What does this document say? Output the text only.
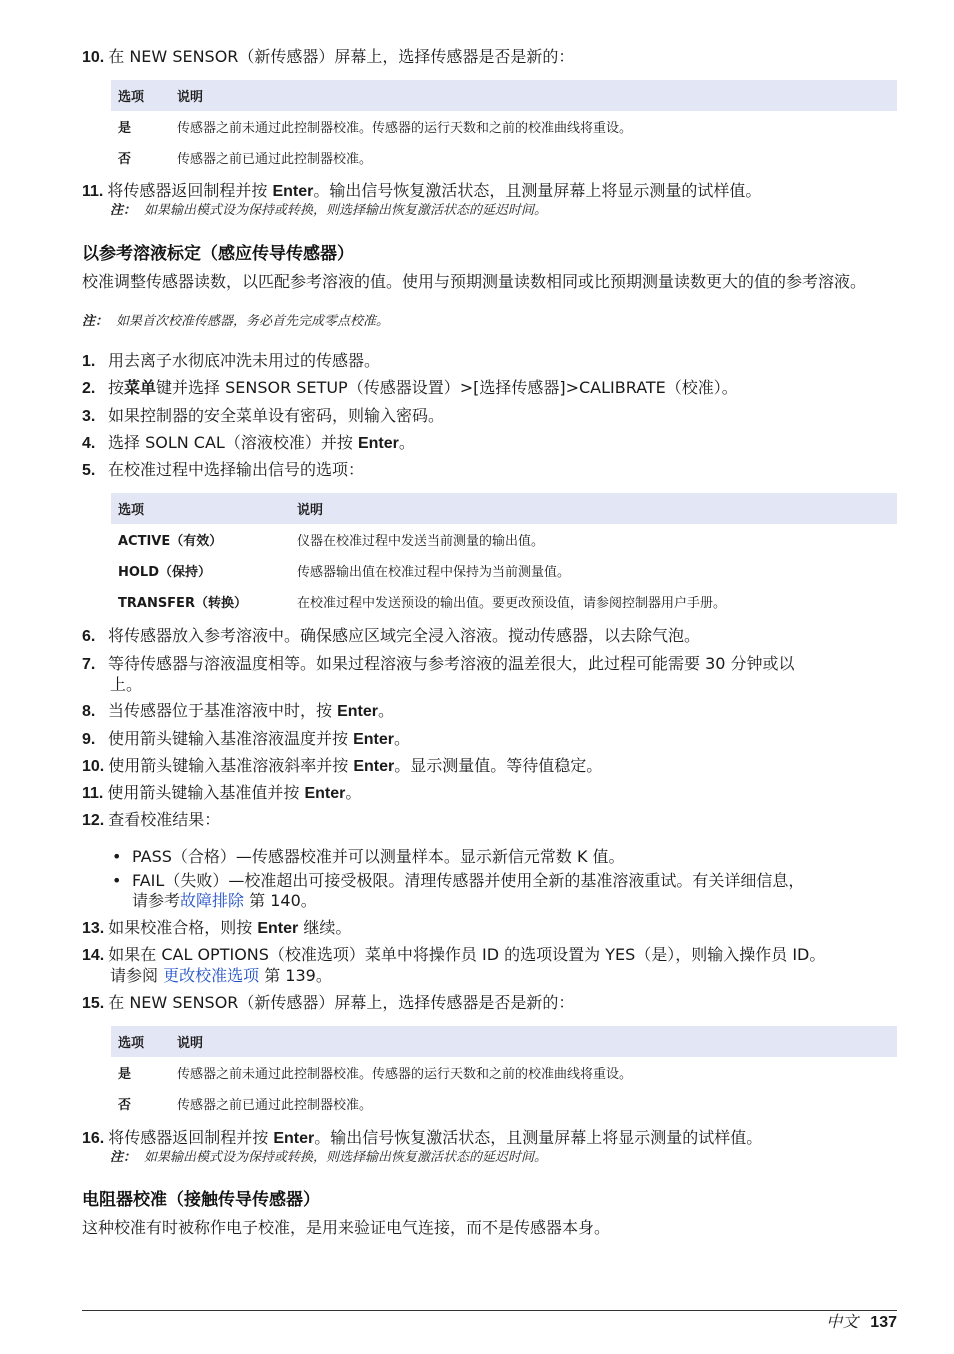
10. 在 NEW SENSOR（新传感器）屏幕上，选择传感器是否是新的：
选项	说明
是	传感器之前未通过此控制器校准。传感器的运行天数和之前的校准曲线将重设。
否	传感器之前已通过此控制器校准。
11. 将传感器返回制程并按 Enter。输出信号恢复激活状态，且测量屏幕上将显示测量的试样值。
注： 如果输出模式设为保持或转换，则选择输出恢复激活状态的延迟时间。
以参考溶液标定（感应传导传感器）
校准调整传感器读数，以匹配参考溶液的值。使用与预期测量读数相同或比预期测量读数更大的值的参考溶液。
注： 如果首次校准传感器，务必首先完成零点校准。
1. 用去离子水彻底冲洗未用过的传感器。
2. 按菜单键并选择 SENSOR SETUP（传感器设置）>[选择传感器]>CALIBRATE（校准）。
3. 如果控制器的安全菜单设有密码，则输入密码。
4. 选择 SOLN CAL（溶液校准）并按 Enter。
5. 在校准过程中选择输出信号的选项：
选项	说明
ACTIVE（有效）	仪器在校准过程中发送当前测量的输出值。
HOLD（保持）	传感器输出值在校准过程中保持为当前测量值。
TRANSFER（转换）	在校准过程中发送预设的输出值。要更改预设值，请参阅控制器用户手册。
6. 将传感器放入参考溶液中。确保感应区域完全浸入溶液。搅动传感器，以去除气泡。
7. 等待传感器与溶液温度相等。如果过程溶液与参考溶液的温差很大，此过程可能需要 30 分钟或以
上。
8. 当传感器位于基准溶液中时，按 Enter。
9. 使用箭头键输入基准溶液温度并按 Enter。
10. 使用箭头键输入基准溶液斜率并按 Enter。显示测量值。等待值稳定。
11. 使用箭头键输入基准值并按 Enter。
12. 查看校准结果：
• PASS（合格）—传感器校准并可以测量样本。显示新信元常数 K 值。
• FAIL（失败）—校准超出可接受极限。清理传感器并使用全新的基准溶液重试。有关详细信息，
请参考故障排除 第 140。
13. 如果校准合格，则按 Enter 继续。
14. 如果在 CAL OPTIONS（校准选项）菜单中将操作员 ID 的选项设置为 YES（是），则输入操作员 ID。
请参阅 更改校准选项 第 139。
15. 在 NEW SENSOR（新传感器）屏幕上，选择传感器是否是新的：
选项	说明
是	传感器之前未通过此控制器校准。传感器的运行天数和之前的校准曲线将重设。
否	传感器之前已通过此控制器校准。
16. 将传感器返回制程并按 Enter。输出信号恢复激活状态，且测量屏幕上将显示测量的试样值。
注： 如果输出模式设为保持或转换，则选择输出恢复激活状态的延迟时间。
电阻器校准（接触传导传感器）
这种校准有时被称作电子校准，是用来验证电气连接，而不是传感器本身。
中文 137
